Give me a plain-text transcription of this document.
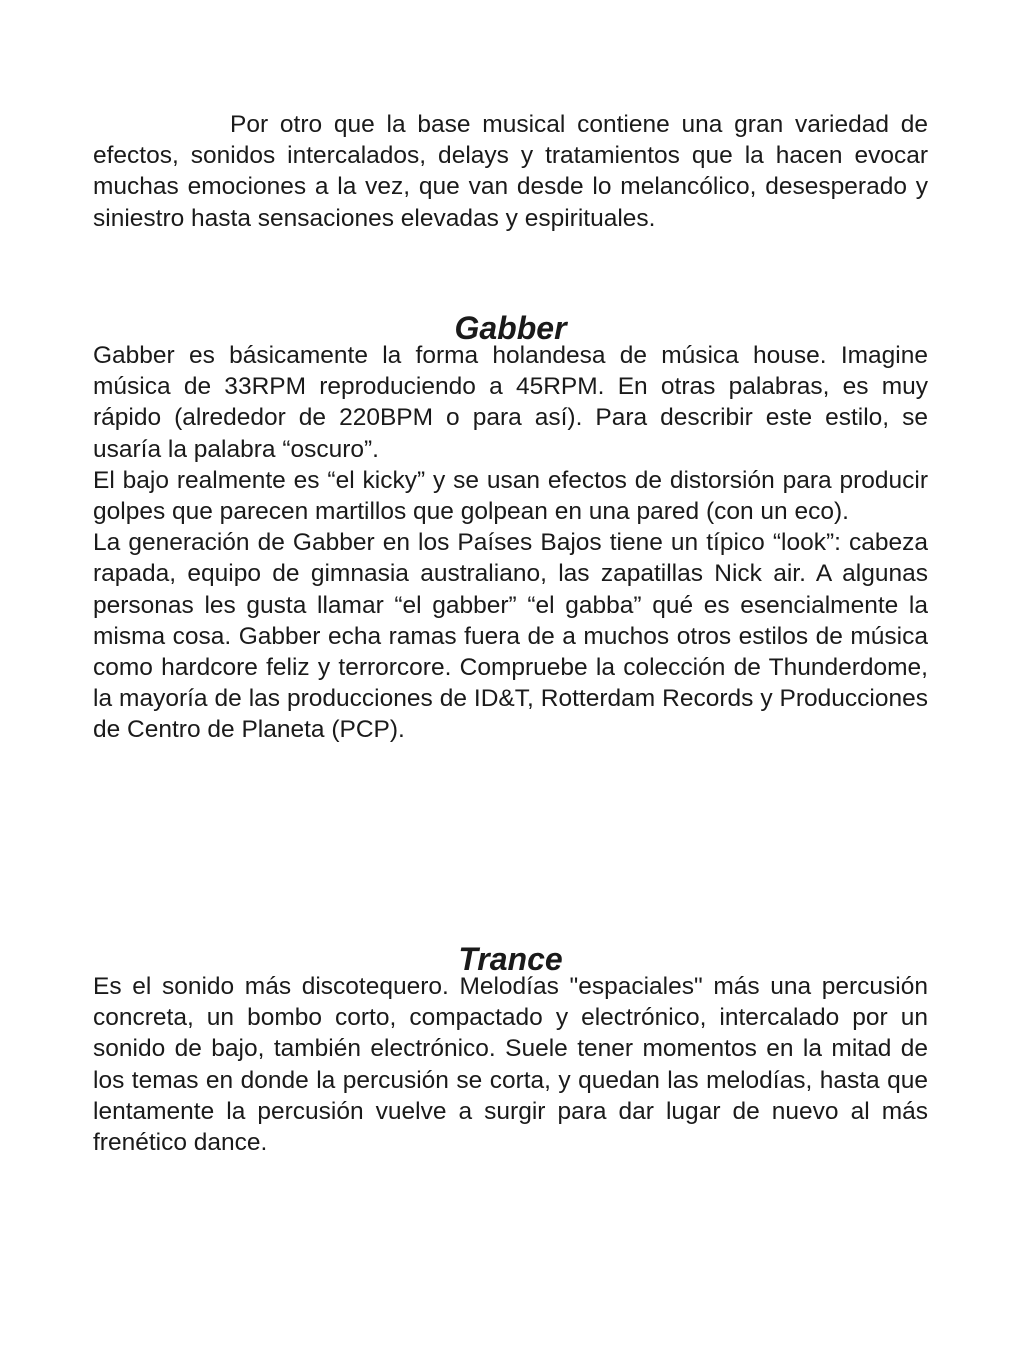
Por otro que la base musical contiene una gran variedad de efectos, sonidos intercalados, delays y tratamientos que la hacen evocar muchas emociones a la vez, que van desde lo melancólico, desesperado y siniestro hasta sensaciones elevadas y espirituales.

Gabber

Gabber es básicamente la forma holandesa de música house. Imagine música de 33RPM reproduciendo a 45RPM. En otras palabras, es muy rápido (alrededor de 220BPM o para así). Para describir este estilo, se usaría la palabra “oscuro”.

El bajo realmente es “el kicky” y se usan efectos de distorsión para producir golpes que parecen martillos que golpean en una pared (con un eco).

La generación de Gabber en los Países Bajos tiene un típico “look”: cabeza rapada, equipo de gimnasia australiano, las zapatillas Nick air. A algunas personas les gusta llamar “el gabber” “el gabba” qué es esencialmente la misma cosa. Gabber echa ramas fuera de a muchos otros estilos de música como hardcore feliz y terrorcore. Compruebe la colección de Thunderdome, la mayoría de las producciones de ID&T, Rotterdam Records y Producciones de Centro de Planeta (PCP).

Trance

Es el sonido más discotequero. Melodías "espaciales" más una percusión concreta, un bombo corto, compactado y electrónico, intercalado por un sonido de bajo, también electrónico. Suele tener momentos en la mitad de los temas en donde la percusión se corta, y quedan las melodías, hasta que lentamente la percusión vuelve a surgir para dar lugar de nuevo al más frenético dance.
